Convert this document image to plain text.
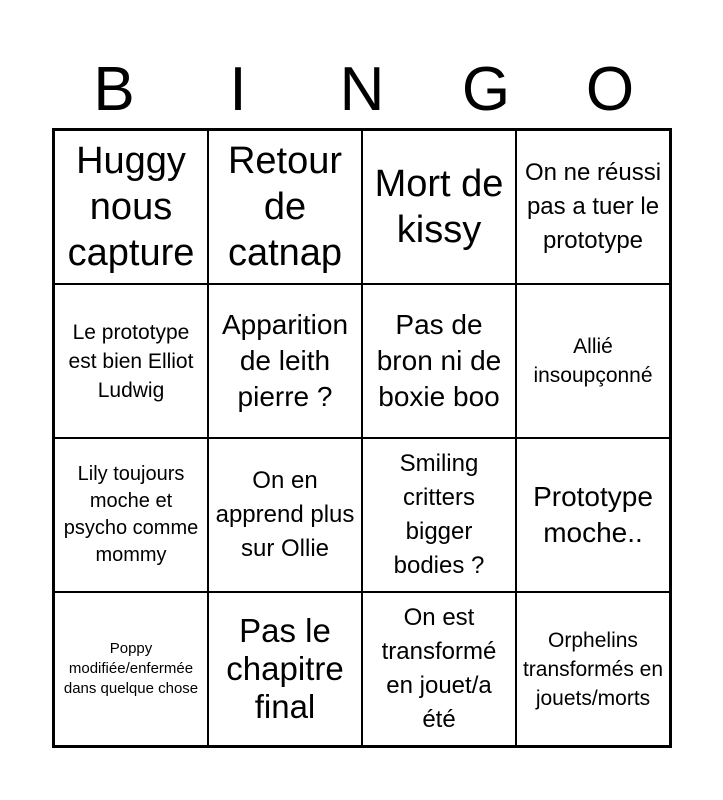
B	I	N	G	O
Huggy nous capture
Retour de catnap
Mort de kissy
On ne réussi pas a tuer le prototype
Le prototype est bien Elliot Ludwig
Apparition de leith pierre ?
Pas de bron ni de boxie boo
Allié insoupçonné
Lily toujours moche et psycho comme mommy
On en apprend plus sur Ollie
Smiling critters bigger bodies ?
Prototype moche..
Poppy modifiée/enfermée dans quelque chose
Pas le chapitre final
On est transformé en jouet/a été
Orphelins transformés en jouets/morts
